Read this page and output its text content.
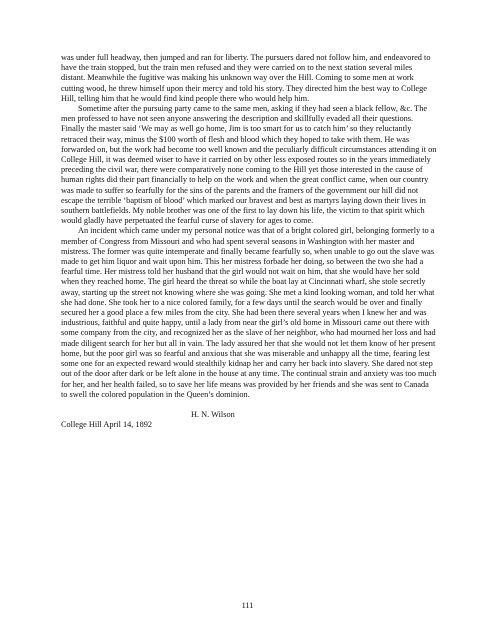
was under full headway, then jumped and ran for liberty. The pursuers dared not follow him, and endeavored to have the train stopped, but the train men refused and they were carried on to the next station several miles distant. Meanwhile the fugitive was making his unknown way over the Hill. Coming to some men at work cutting wood, he threw himself upon their mercy and told his story. They directed him the best way to College Hill, telling him that he would find kind people there who would help him.

Sometime after the pursuing party came to the same men, asking if they had seen a black fellow, &c. The men professed to have not seen anyone answering the description and skillfully evaded all their questions. Finally the master said ‘We may as well go home, Jim is too smart for us to catch him’ so they reluctantly retraced their way, minus the $100 worth of flesh and blood which they hoped to take with them. He was forwarded on, but the work had become too well known and the peculiarly difficult circumstances attending it on College Hill, it was deemed wiser to have it carried on by other less exposed routes so in the years immediately preceding the civil war, there were comparatively none coming to the Hill yet those interested in the cause of human rights did their part financially to help on the work and when the great conflict came, when our country was made to suffer so fearfully for the sins of the parents and the framers of the government our hill did not escape the terrible ‘baptism of blood’ which marked our bravest and best as martyrs laying down their lives in southern battlefields. My noble brother was one of the first to lay down his life, the victim to that spirit which would gladly have perpetuated the fearful curse of slavery for ages to come.

An incident which came under my personal notice was that of a bright colored girl, belonging formerly to a member of Congress from Missouri and who had spent several seasons in Washington with her master and mistress. The former was quite intemperate and finally became fearfully so, when unable to go out the slave was made to get him liquor and wait upon him. This her mistress forbade her doing, so between the two she had a fearful time. Her mistress told her husband that the girl would not wait on him, that she would have her sold when they reached home. The girl heard the threat so while the boat lay at Cincinnati wharf, she stole secretly away, starting up the street not knowing where she was going. She met a kind looking woman, and told her what she had done. She took her to a nice colored family, for a few days until the search would be over and finally secured her a good place a few miles from the city. She had been there several years when I knew her and was industrious, faithful and quite happy, until a lady from near the girl’s old home in Missouri came out there with some company from the city, and recognized her as the slave of her neighbor, who had mourned her loss and had made diligent search for her but all in vain. The lady assured her that she would not let them know of her present home, but the poor girl was so fearful and anxious that she was miserable and unhappy all the time, fearing lest some one for an expected reward would stealthily kidnap her and carry her back into slavery. She dared not step out of the door after dark or be left alone in the house at any time. The continual strain and anxiety was too much for her, and her health failed, so to save her life means was provided by her friends and she was sent to Canada to swell the colored population in the Queen’s dominion.

H. N. Wilson
College Hill April 14, 1892
111
